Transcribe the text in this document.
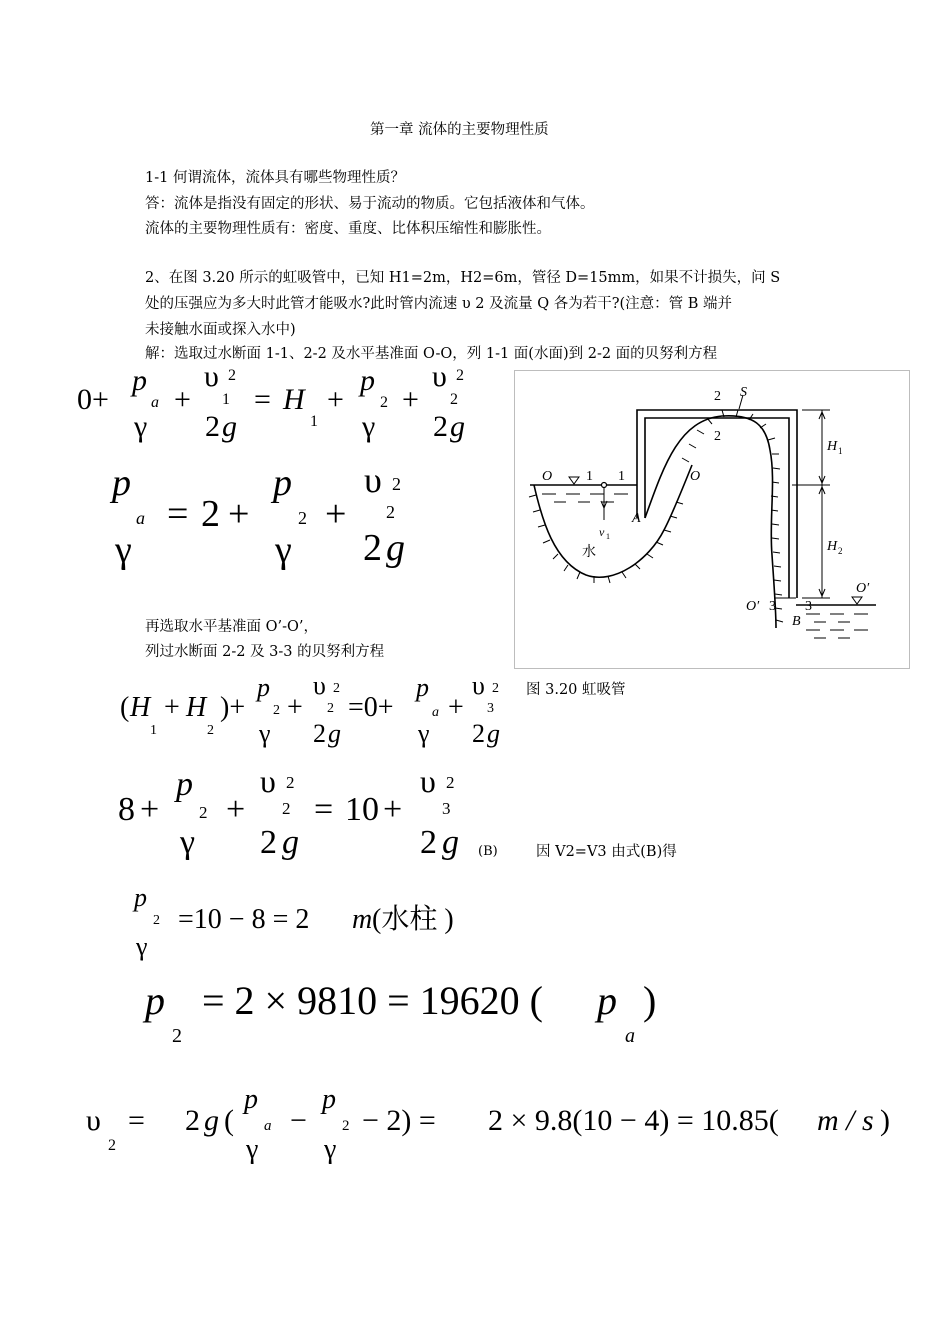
第一章 流体的主要物理性质
1-1 何谓流体，流体具有哪些物理性质？
答：流体是指没有固定的形状、易于流动的物质。它包括液体和气体。
流体的主要物理性质有：密度、重度、比体积压缩性和膨胀性。
2、在图 3.20 所示的虹吸管中，已知 H1=2m，H2=6m，管径 D=15mm，如果不计损失，问 S
处的压强应为多大时此管才能吸水?此时管内流速 υ 2 及流量 Q 各为若干?(注意：管 B 端并
未接触水面或探入水中)
解：选取过水断面 1-1、2-2 及水平基准面 O-O，列 1-1 面(水面)到 2-2 面的贝努利方程
再选取水平基准面 O’-O’，
列过水断面 2-2 及 3-3 的贝努利方程
(B)	因 V2=V3 由式(B)得
2 S
2
H 1
H 2
O 1 1	O
A
v 1
水
O′ 3 3
B
O′
图 3.20 虹吸管
0+
p
a
γ
+
υ 2
1
2 g
= H
1
+
p
2
γ
+
υ 2
2
2 g
p
a
γ
= 2 +
p
2
γ
+
υ 2
2
2 g
( H
1
+ H
2
)+
p
2
γ
+
υ 2
2
2 g
=0+
p
a
γ
+
υ 2
3
2 g
8 +
p
2
γ
+
υ 2
2
2 g
= 10 +
υ 2
3
2 g
p
2
γ
=10 − 8 = 2 m (水柱 )
p
2
= 2 × 9810 = 19620 ( p
a
)
υ
2
= 2 g (
p
a
γ
−
p
2
γ
− 2) = 2 × 9.8(10 − 4) = 10.85( m / s )
